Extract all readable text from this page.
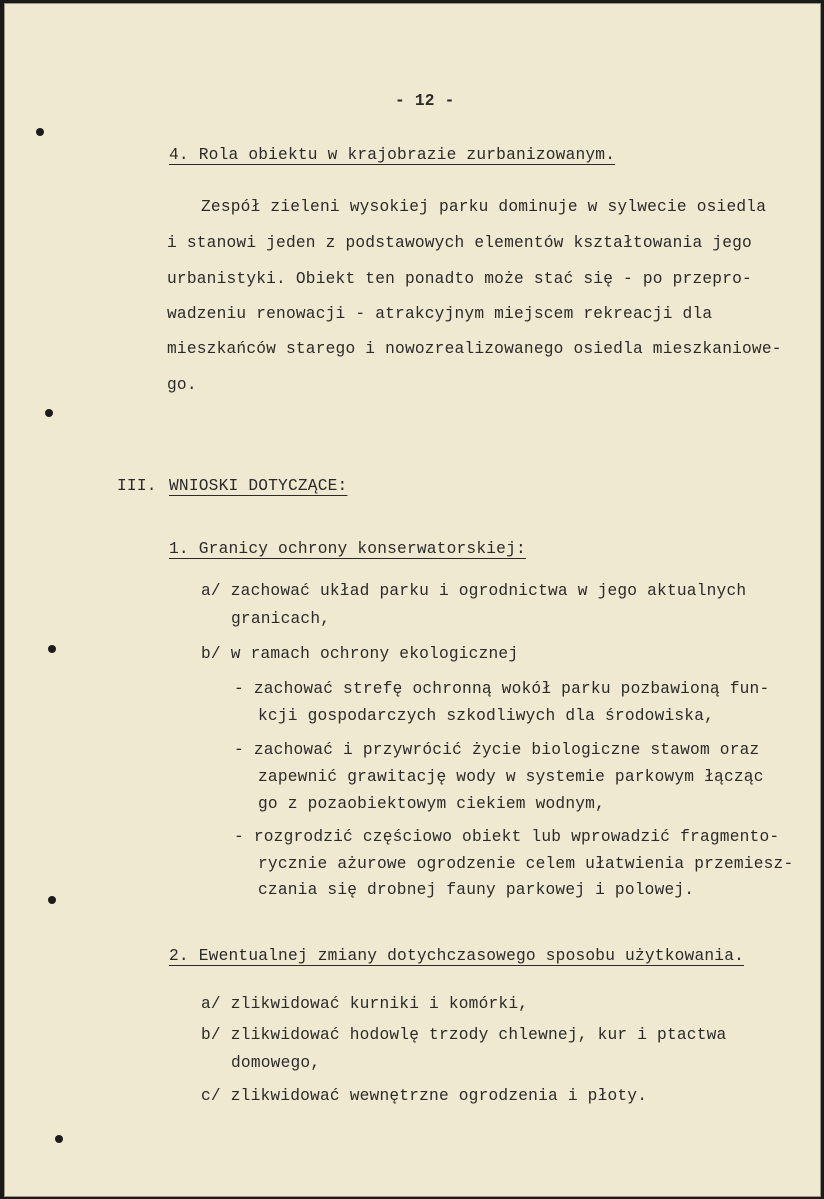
- 12 -
4. Rola obiektu w krajobrazie zurbanizowanym.
Zespół zieleni wysokiej parku dominuje w sylwecie osiedla
i stanowi jeden z podstawowych elementów kształtowania jego
urbanistyki. Obiekt ten ponadto może stać się - po przepro-
wadzeniu renowacji - atrakcyjnym miejscem rekreacji dla
mieszkańców starego i nowozrealizowanego osiedla mieszkaniowe-
go.
III. WNIOSKI DOTYCZĄCE:
1. Granicy ochrony konserwatorskiej:
a/ zachować układ parku i ogrodnictwa w jego aktualnych
granicach,
b/ w ramach ochrony ekologicznej
- zachować strefę ochronną wokół parku pozbawioną fun-
kcji gospodarczych szkodliwych dla środowiska,
- zachować i przywrócić życie biologiczne stawom oraz
zapewnić grawitację wody w systemie parkowym łącząc
go z pozaobiektowym ciekiem wodnym,
- rozgrodzić częściowo obiekt lub wprowadzić fragmento-
rycznie ażurowe ogrodzenie celem ułatwienia przemiesz-
czania się drobnej fauny parkowej i polowej.
2. Ewentualnej zmiany dotychczasowego sposobu użytkowania.
a/ zlikwidować kurniki i komórki,
b/ zlikwidować hodowlę trzody chlewnej, kur i ptactwa
domowego,
c/ zlikwidować wewnętrzne ogrodzenia i płoty.
